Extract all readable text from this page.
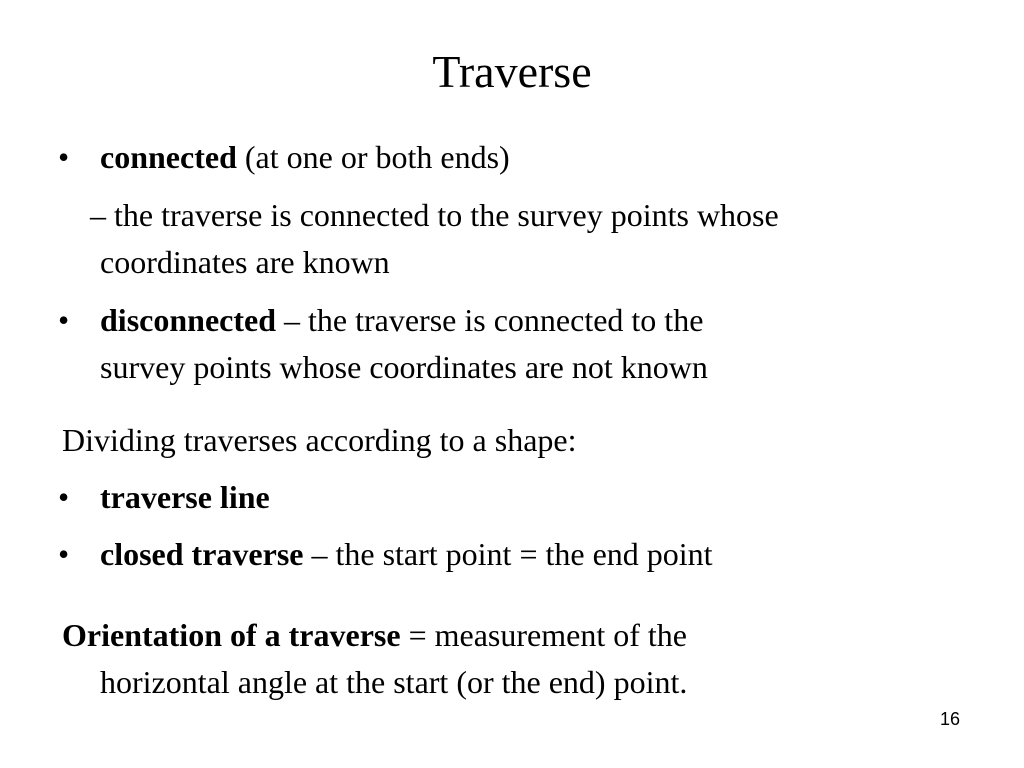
Traverse
• connected (at one or both ends)
– the traverse is connected to the survey points whose
coordinates are known
• disconnected – the traverse is connected to the
survey points whose coordinates are not known
Dividing traverses according to a shape:
• traverse line
• closed traverse – the start point = the end point
Orientation of a traverse = measurement of the
horizontal angle at the start (or the end) point.
16
